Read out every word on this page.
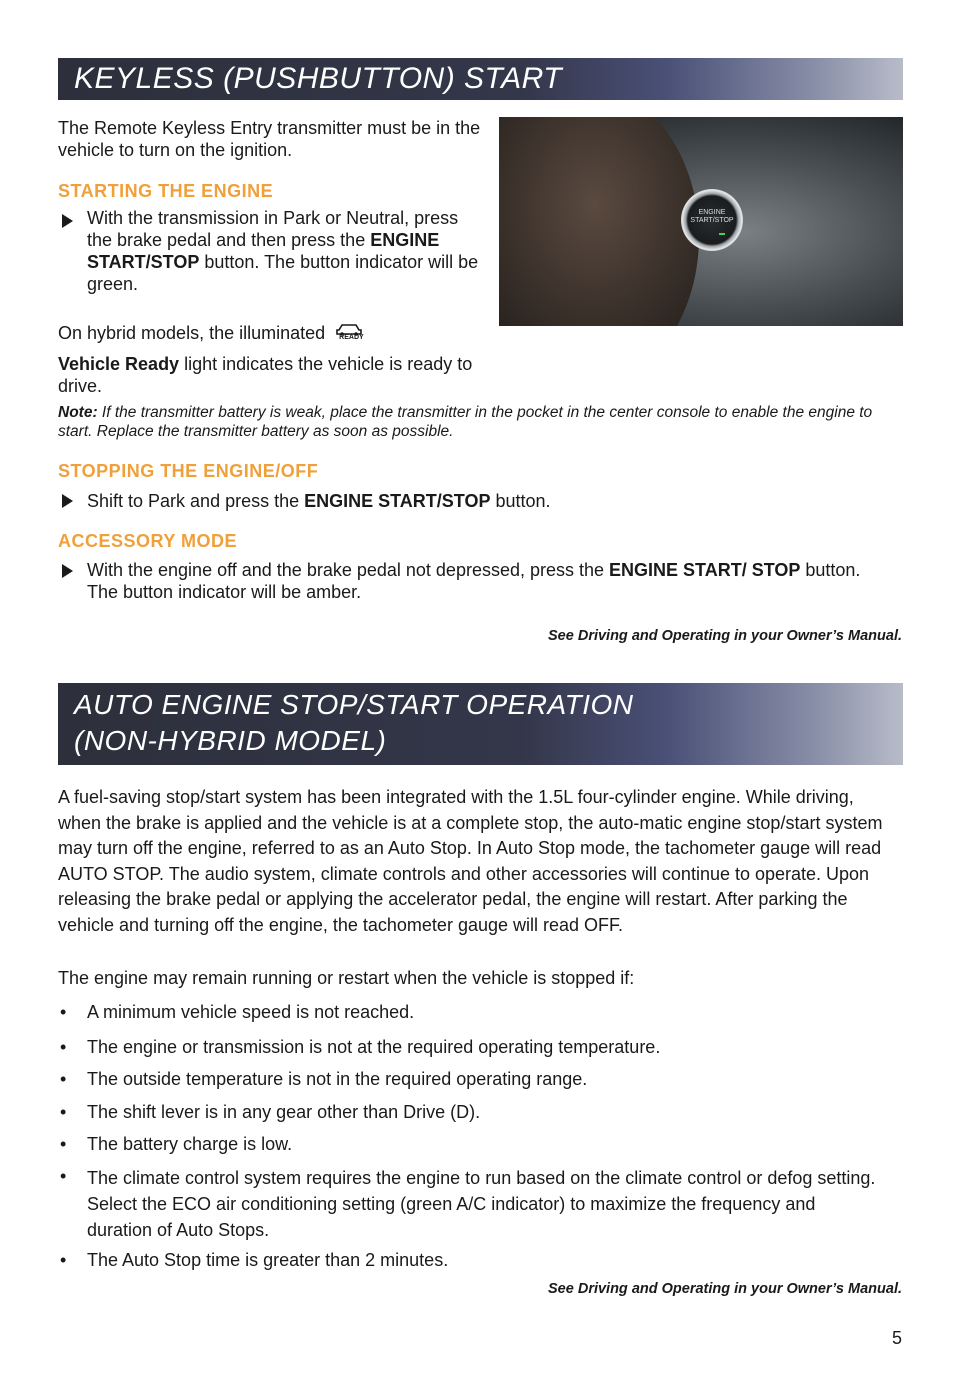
KEYLESS (PUSHBUTTON) START
The Remote Keyless Entry transmitter must be in the vehicle to turn on the ignition.
ENGINE START/STOP
STARTING THE ENGINE
With the transmission in Park or Neutral, press the brake pedal and then press the ENGINE START/STOP button. The button indicator will be green.
On hybrid models, the illuminated $^{READY}$
Vehicle Ready light indicates the vehicle is ready to drive.
Note: If the transmitter battery is weak, place the transmitter in the pocket in the center console to enable the engine to start. Replace the transmitter battery as soon as possible.
STOPPING THE ENGINE/OFF
Shift to Park and press the ENGINE START/STOP button.
ACCESSORY MODE
With the engine off and the brake pedal not depressed, press the ENGINE START/ STOP button. The button indicator will be amber.
See Driving and Operating in your Owner’s Manual.
AUTO ENGINE STOP/START OPERATION
(NON-HYBRID MODEL)
A fuel-saving stop/start system has been integrated with the 1.5L four-cylinder engine. While driving, when the brake is applied and the vehicle is at a complete stop, the auto-matic engine stop/start system may turn off the engine, referred to as an Auto Stop. In Auto Stop mode, the tachometer gauge will read AUTO STOP. The audio system, climate controls and other accessories will continue to operate. Upon releasing the brake pedal or applying the accelerator pedal, the engine will restart. After parking the vehicle and turning off the engine, the tachometer gauge will read OFF.
The engine may remain running or restart when the vehicle is stopped if:
• A minimum vehicle speed is not reached.
• The engine or transmission is not at the required operating temperature.
• The outside temperature is not in the required operating range.
• The shift lever is in any gear other than Drive (D).
• The battery charge is low.
• The climate control system requires the engine to run based on the climate control or defog setting. Select the ECO air conditioning setting (green A/C indicator) to maximize the frequency and duration of Auto Stops.
• The Auto Stop time is greater than 2 minutes.
See Driving and Operating in your Owner’s Manual.
5
